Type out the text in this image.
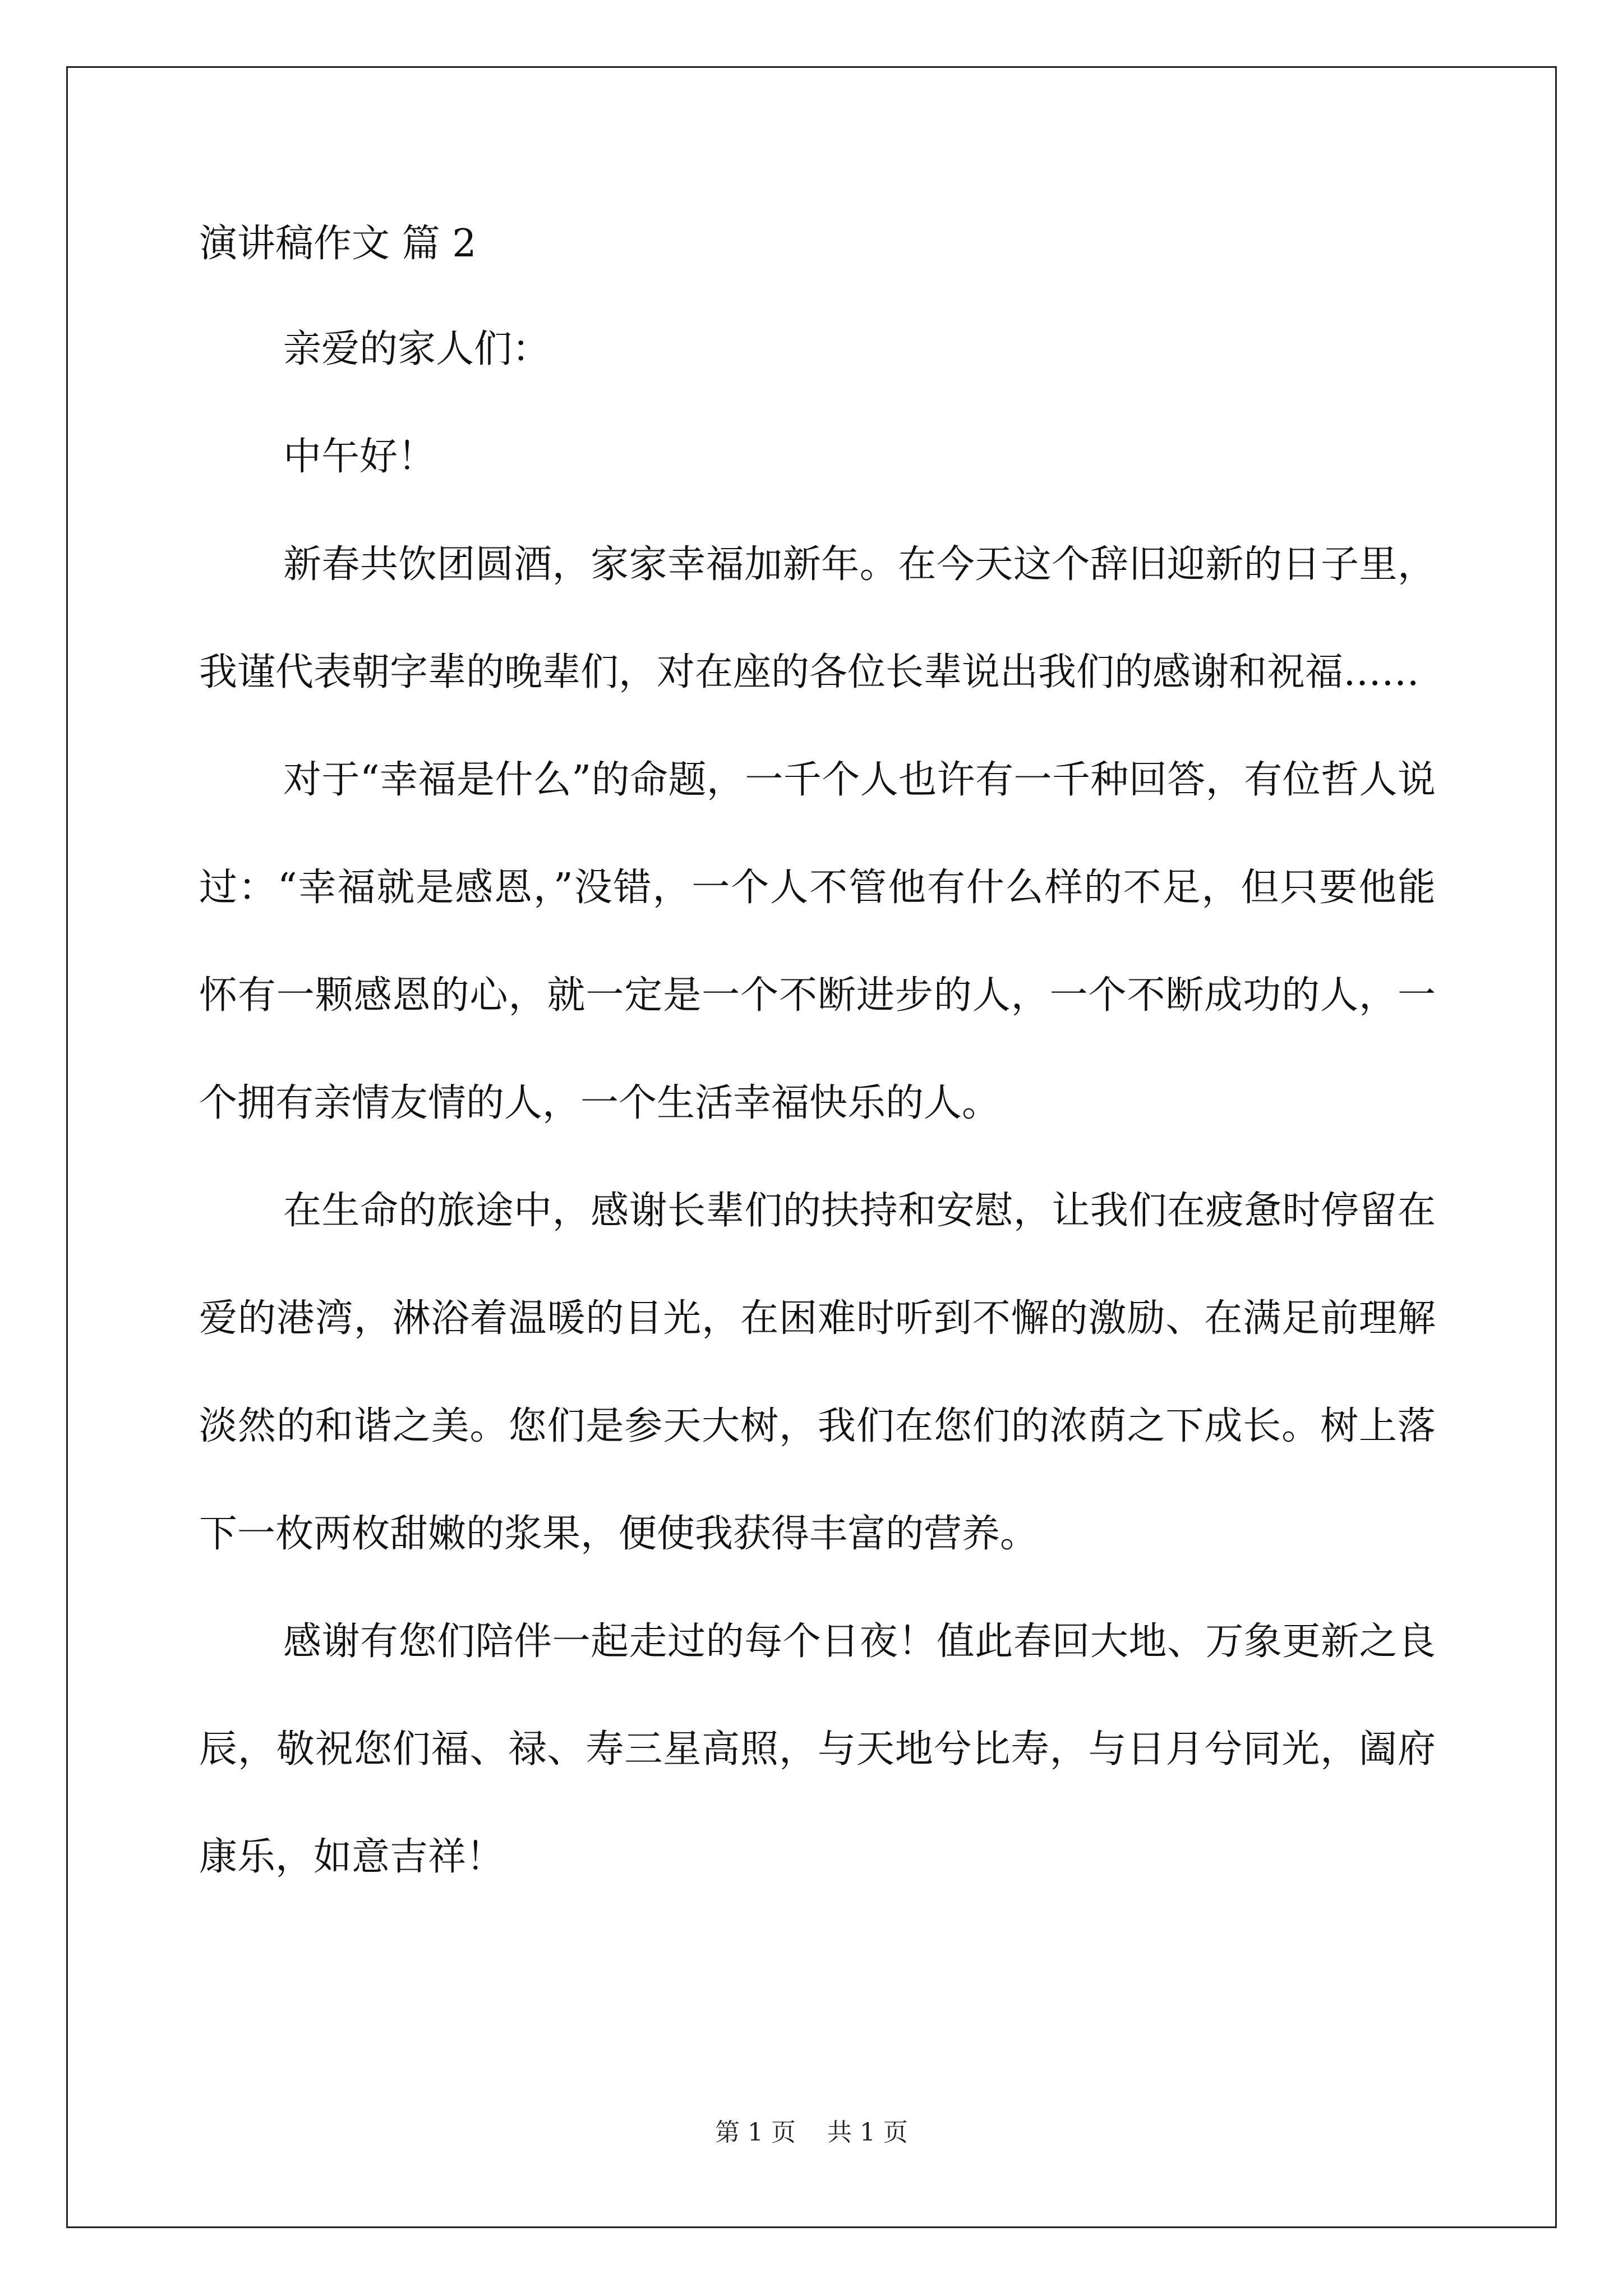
演讲稿作文 篇 2

亲爱的家人们：

中午好！

新春共饮团圆酒，家家幸福加新年。在今天这个辞旧迎新的日子里，我谨代表朝字辈的晚辈们，对在座的各位长辈说出我们的感谢和祝福……

对于“幸福是什么”的命题，一千个人也许有一千种回答，有位哲人说过：“幸福就是感恩，”没错，一个人不管他有什么样的不足，但只要他能怀有一颗感恩的心，就一定是一个不断进步的人，一个不断成功的人，一个拥有亲情友情的人，一个生活幸福快乐的人。

在生命的旅途中，感谢长辈们的扶持和安慰，让我们在疲惫时停留在爱的港湾，淋浴着温暖的目光，在困难时听到不懈的激励、在满足前理解淡然的和谐之美。您们是参天大树，我们在您们的浓荫之下成长。树上落下一枚两枚甜嫩的浆果，便使我获得丰富的营养。

感谢有您们陪伴一起走过的每个日夜！值此春回大地、万象更新之良辰，敬祝您们福、禄、寿三星高照，与天地兮比寿，与日月兮同光，阖府康乐，如意吉祥！

第 1 页    共 1 页
